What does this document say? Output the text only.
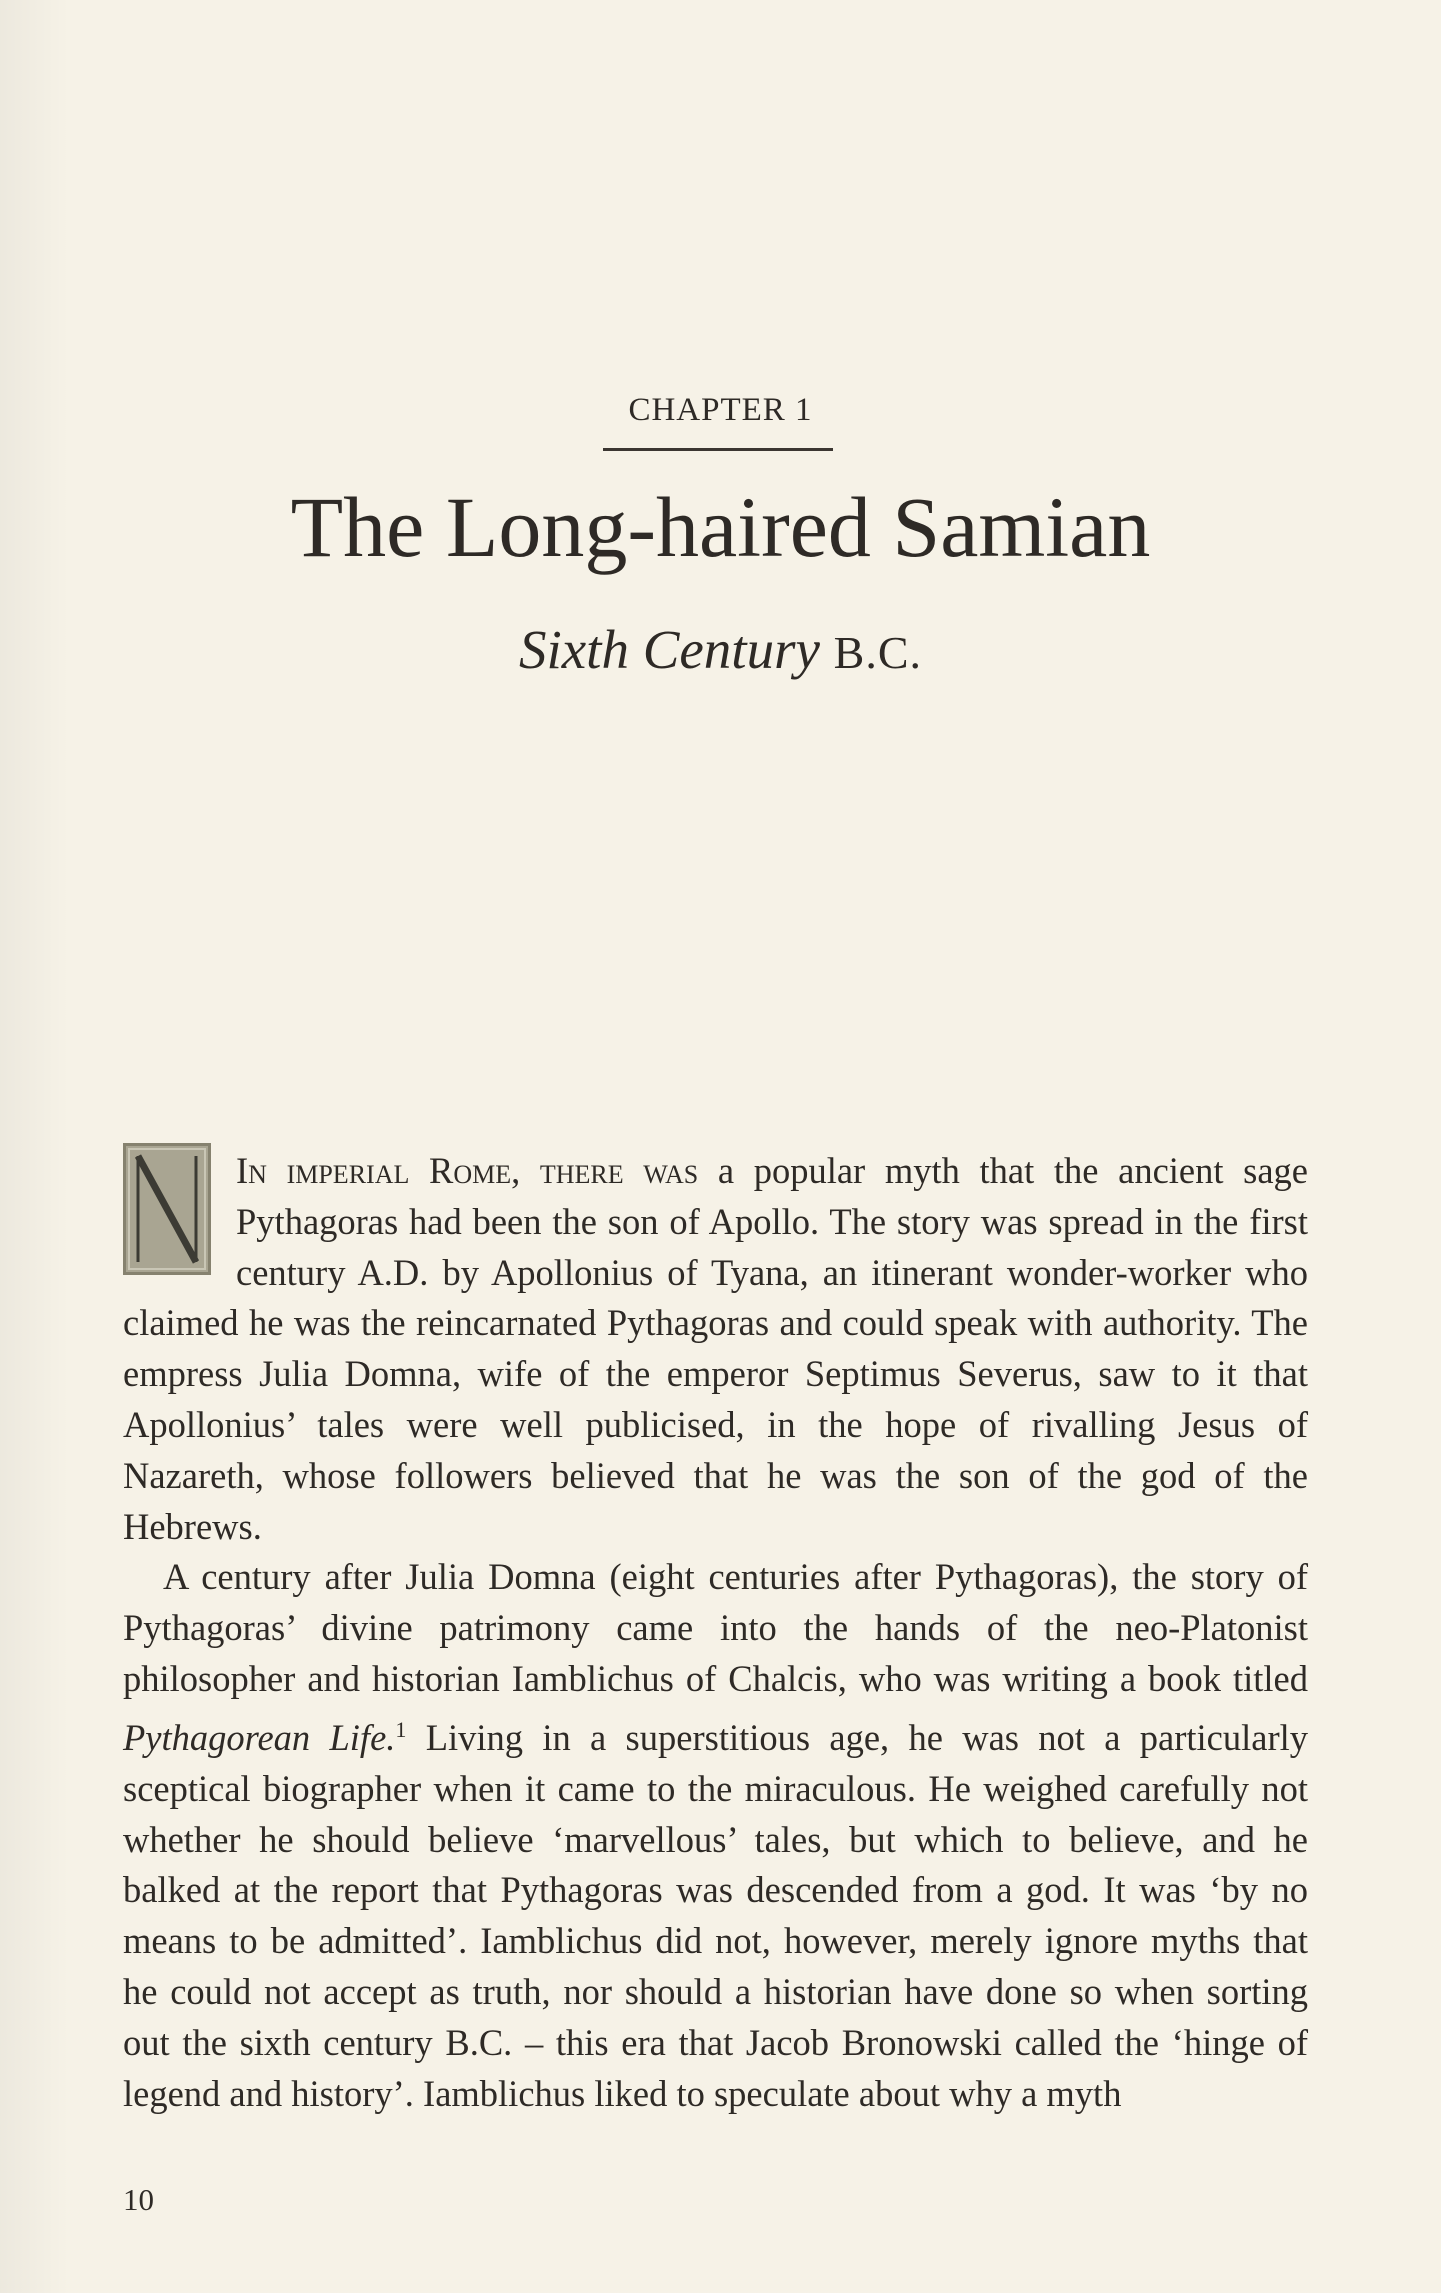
CHAPTER 1
The Long-haired Samian
Sixth Century B.C.

In imperial Rome, there was a popular myth that the ancient sage Pythagoras had been the son of Apollo. The story was spread in the first century A.D. by Apollonius of Tyana, an itinerant wonder-worker who claimed he was the reincarnated Pythagoras and could speak with authority. The empress Julia Domna, wife of the emperor Septimus Severus, saw to it that Apollonius’ tales were well publicised, in the hope of rivalling Jesus of Nazareth, whose followers believed that he was the son of the god of the Hebrews.

A century after Julia Domna (eight centuries after Pythagoras), the story of Pythagoras’ divine patrimony came into the hands of the neo-Platonist philosopher and historian Iamblichus of Chalcis, who was writing a book titled Pythagorean Life.$^1$ Living in a superstitious age, he was not a particularly sceptical biographer when it came to the miraculous. He weighed carefully not whether he should believe ‘marvellous’ tales, but which to believe, and he balked at the report that Pythagoras was descended from a god. It was ‘by no means to be admitted’. Iamblichus did not, however, merely ignore myths that he could not accept as truth, nor should a historian have done so when sorting out the sixth century B.C. – this era that Jacob Bronowski called the ‘hinge of legend and history’. Iamblichus liked to speculate about why a myth

10
